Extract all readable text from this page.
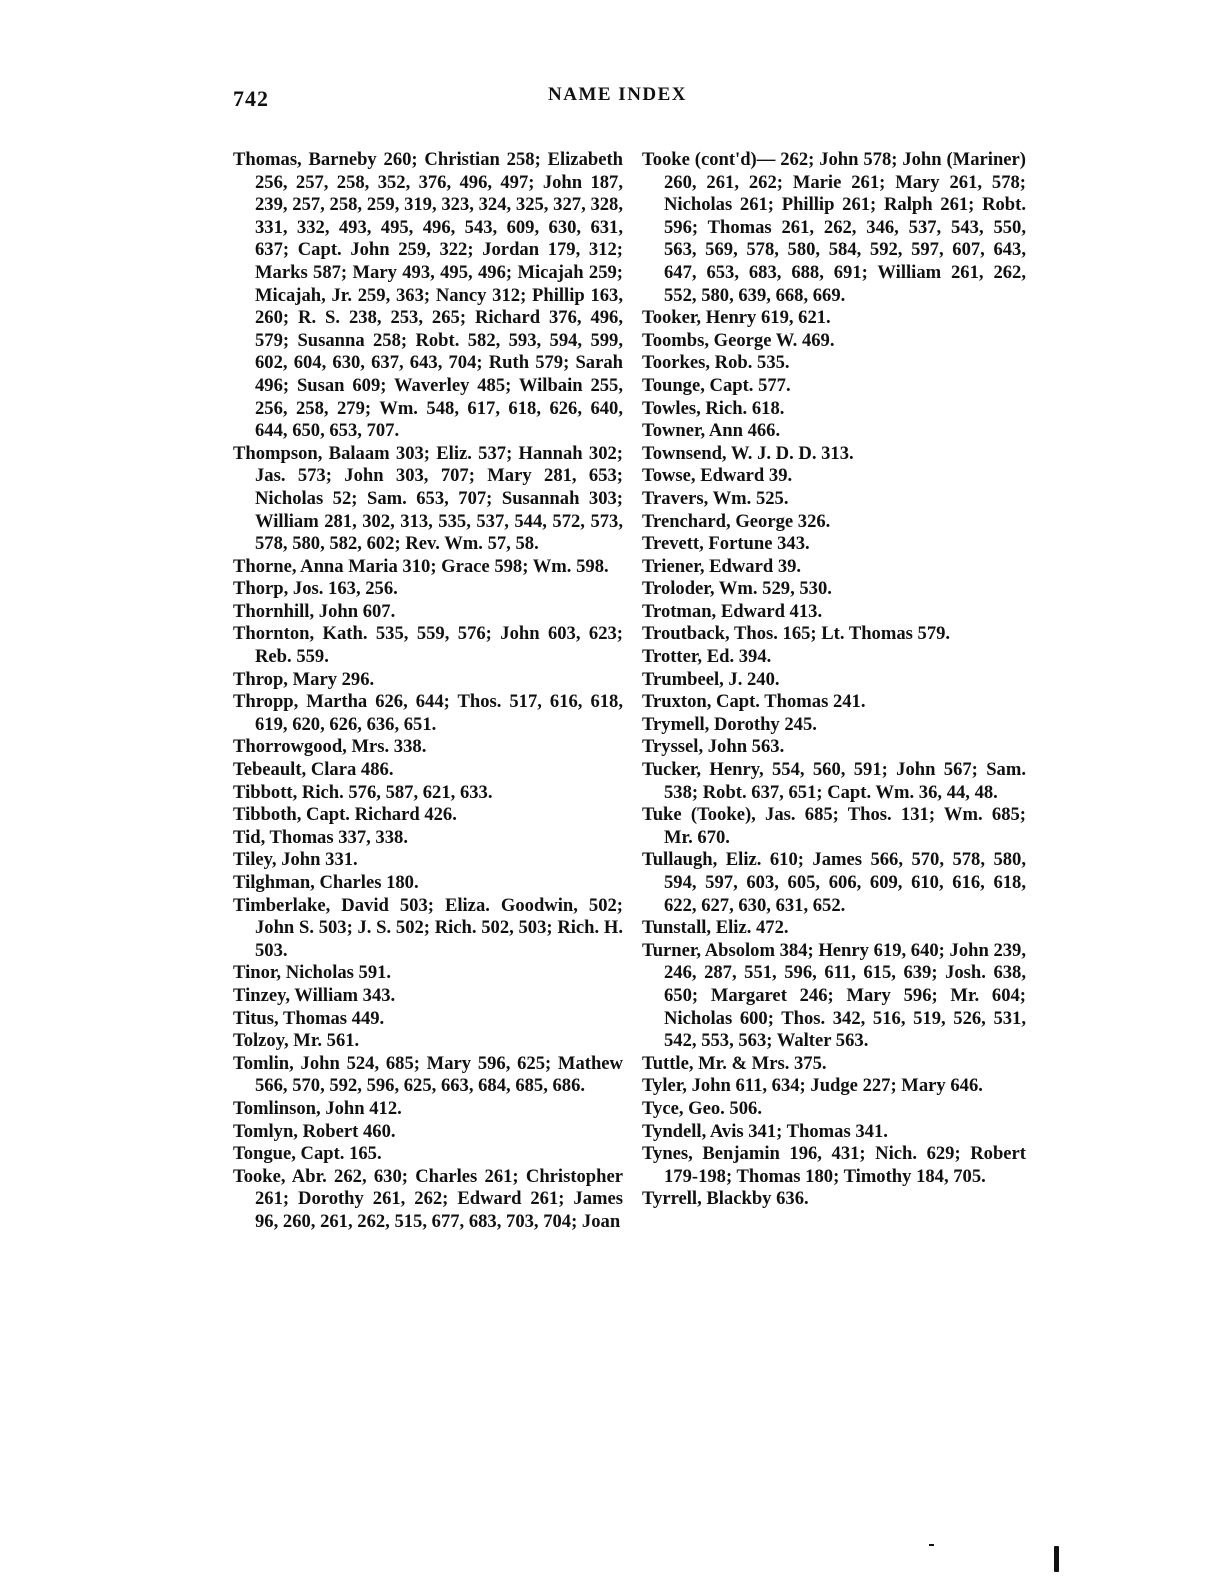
742	NAME INDEX

Thomas, Barneby 260; Christian 258; Elizabeth 256, 257, 258, 352, 376, 496, 497; John 187, 239, 257, 258, 259, 319, 323, 324, 325, 327, 328, 331, 332, 493, 495, 496, 543, 609, 630, 631, 637; Capt. John 259, 322; Jordan 179, 312; Marks 587; Mary 493, 495, 496; Micajah 259; Micajah, Jr. 259, 363; Nancy 312; Phillip 163, 260; R. S. 238, 253, 265; Richard 376, 496, 579; Susanna 258; Robt. 582, 593, 594, 599, 602, 604, 630, 637, 643, 704; Ruth 579; Sarah 496; Susan 609; Waverley 485; Wilbain 255, 256, 258, 279; Wm. 548, 617, 618, 626, 640, 644, 650, 653, 707.

Thompson, Balaam 303; Eliz. 537; Hannah 302; Jas. 573; John 303, 707; Mary 281, 653; Nicholas 52; Sam. 653, 707; Susannah 303; William 281, 302, 313, 535, 537, 544, 572, 573, 578, 580, 582, 602; Rev. Wm. 57, 58.

Thorne, Anna Maria 310; Grace 598; Wm. 598.

Thorp, Jos. 163, 256.

Thornhill, John 607.

Thornton, Kath. 535, 559, 576; John 603, 623; Reb. 559.

Throp, Mary 296.

Thropp, Martha 626, 644; Thos. 517, 616, 618, 619, 620, 626, 636, 651.

Thorrowgood, Mrs. 338.

Tebeault, Clara 486.

Tibbott, Rich. 576, 587, 621, 633.

Tibboth, Capt. Richard 426.

Tid, Thomas 337, 338.

Tiley, John 331.

Tilghman, Charles 180.

Timberlake, David 503; Eliza. Goodwin, 502; John S. 503; J. S. 502; Rich. 502, 503; Rich. H. 503.

Tinor, Nicholas 591.

Tinzey, William 343.

Titus, Thomas 449.

Tolzoy, Mr. 561.

Tomlin, John 524, 685; Mary 596, 625; Mathew 566, 570, 592, 596, 625, 663, 684, 685, 686.

Tomlinson, John 412.

Tomlyn, Robert 460.

Tongue, Capt. 165.

Tooke, Abr. 262, 630; Charles 261; Christopher 261; Dorothy 261, 262; Edward 261; James 96, 260, 261, 262, 515, 677, 683, 703, 704; Joan

Tooke (cont'd)— 262; John 578; John (Mariner) 260, 261, 262; Marie 261; Mary 261, 578; Nicholas 261; Phillip 261; Ralph 261; Robt. 596; Thomas 261, 262, 346, 537, 543, 550, 563, 569, 578, 580, 584, 592, 597, 607, 643, 647, 653, 683, 688, 691; William 261, 262, 552, 580, 639, 668, 669.

Tooker, Henry 619, 621.

Toombs, George W. 469.

Toorkes, Rob. 535.

Tounge, Capt. 577.

Towles, Rich. 618.

Towner, Ann 466.

Townsend, W. J. D. D. 313.

Towse, Edward 39.

Travers, Wm. 525.

Trenchard, George 326.

Trevett, Fortune 343.

Triener, Edward 39.

Troloder, Wm. 529, 530.

Trotman, Edward 413.

Troutback, Thos. 165; Lt. Thomas 579.

Trotter, Ed. 394.

Trumbeel, J. 240.

Truxton, Capt. Thomas 241.

Trymell, Dorothy 245.

Tryssel, John 563.

Tucker, Henry, 554, 560, 591; John 567; Sam. 538; Robt. 637, 651; Capt. Wm. 36, 44, 48.

Tuke (Tooke), Jas. 685; Thos. 131; Wm. 685; Mr. 670.

Tullaugh, Eliz. 610; James 566, 570, 578, 580, 594, 597, 603, 605, 606, 609, 610, 616, 618, 622, 627, 630, 631, 652.

Tunstall, Eliz. 472.

Turner, Absolom 384; Henry 619, 640; John 239, 246, 287, 551, 596, 611, 615, 639; Josh. 638, 650; Margaret 246; Mary 596; Mr. 604; Nicholas 600; Thos. 342, 516, 519, 526, 531, 542, 553, 563; Walter 563.

Tuttle, Mr. & Mrs. 375.

Tyler, John 611, 634; Judge 227; Mary 646.

Tyce, Geo. 506.

Tyndell, Avis 341; Thomas 341.

Tynes, Benjamin 196, 431; Nich. 629; Robert 179-198; Thomas 180; Timothy 184, 705.

Tyrrell, Blackby 636.
